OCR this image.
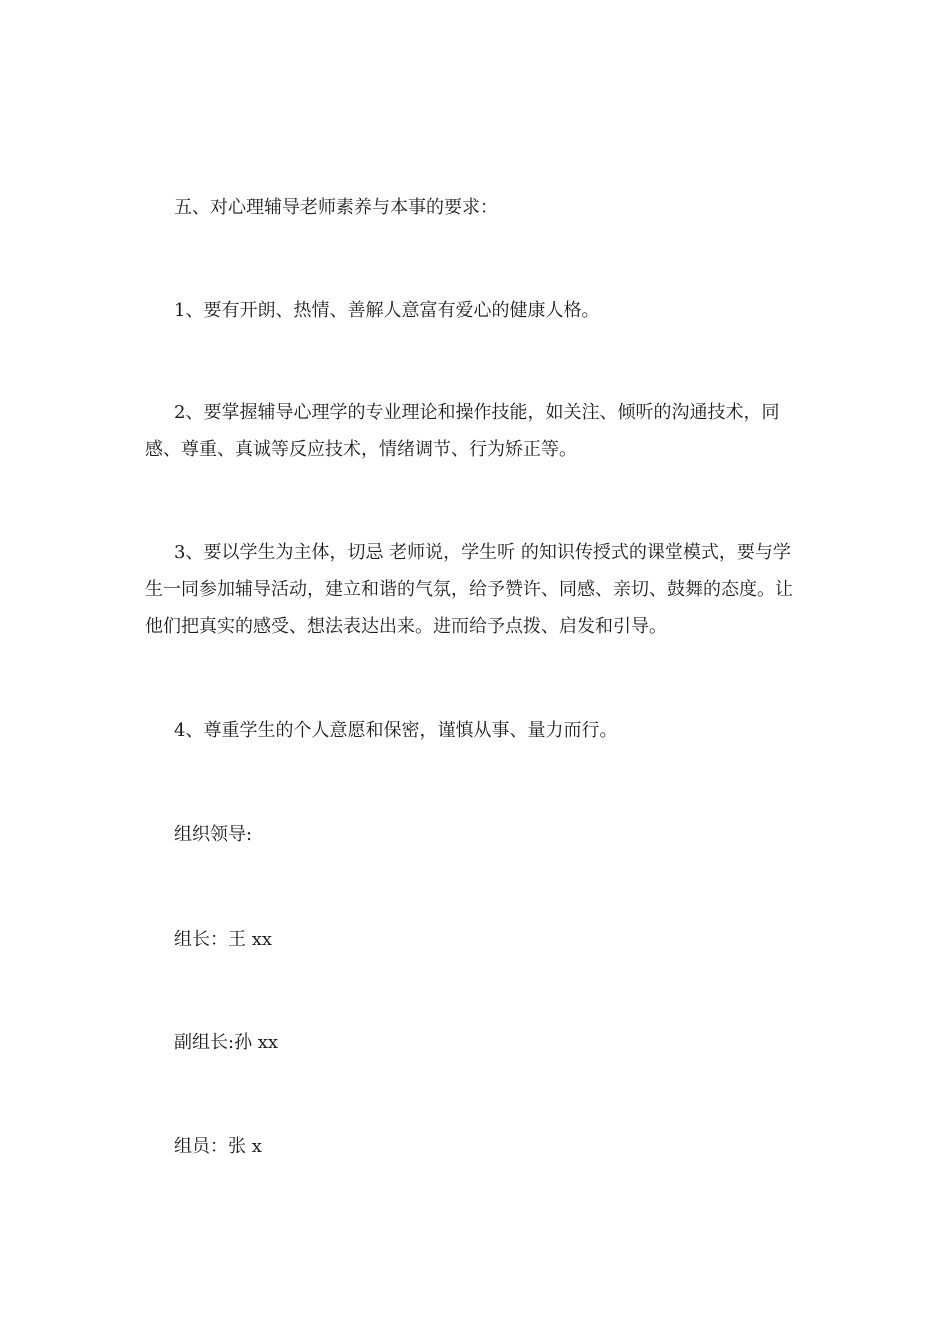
五、对心理辅导老师素养与本事的要求：

1、要有开朗、热情、善解人意富有爱心的健康人格。

2、要掌握辅导心理学的专业理论和操作技能，如关注、倾听的沟通技术，同感、尊重、真诚等反应技术，情绪调节、行为矫正等。

3、要以学生为主体，切忌 老师说，学生听 的知识传授式的课堂模式，要与学生一同参加辅导活动，建立和谐的气氛，给予赞许、同感、亲切、鼓舞的态度。让他们把真实的感受、想法表达出来。进而给予点拨、启发和引导。

4、尊重学生的个人意愿和保密，谨慎从事、量力而行。

组织领导:

组长：王 xx

副组长:孙 xx

组员：张 x
